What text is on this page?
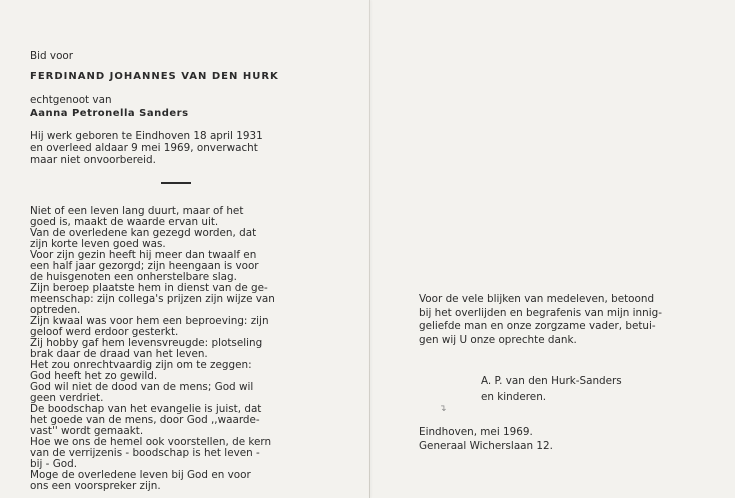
Bid voor
FERDINAND JOHANNES VAN DEN HURK
echtgenoot van
Aanna Petronella Sanders
Hij werk geboren te Eindhoven 18 april 1931
en overleed aldaar 9 mei 1969, onverwacht
maar niet onvoorbereid.
Niet of een leven lang duurt, maar of het
goed is, maakt de waarde ervan uit.
Van de overledene kan gezegd worden, dat
zijn korte leven goed was.
Voor zijn gezin heeft hij meer dan twaalf en
een half jaar gezorgd; zijn heengaan is voor
de huisgenoten een onherstelbare slag.
Zijn beroep plaatste hem in dienst van de ge-
meenschap: zijn collega's prijzen zijn wijze van
optreden.
Zijn kwaal was voor hem een beproeving: zijn
geloof werd erdoor gesterkt.
Zij hobby gaf hem levensvreugde: plotseling
brak daar de draad van het leven.
Het zou onrechtvaardig zijn om te zeggen:
God heeft het zo gewild.
God wil niet de dood van de mens; God wil
geen verdriet.
De boodschap van het evangelie is juist, dat
het goede van de mens, door God ,,waarde-
vast'' wordt gemaakt.
Hoe we ons de hemel ook voorstellen, de kern
van de verrijzenis - boodschap is het leven -
bij - God.
Moge de overledene leven bij God en voor
ons een voorspreker zijn.
Voor de vele blijken van medeleven, betoond
bij het overlijden en begrafenis van mijn innig-
geliefde man en onze zorgzame vader, betui-
gen wij U onze oprechte dank.
A. P. van den Hurk-Sanders
en kinderen.
↴
Eindhoven, mei 1969.
Generaal Wicherslaan 12.
